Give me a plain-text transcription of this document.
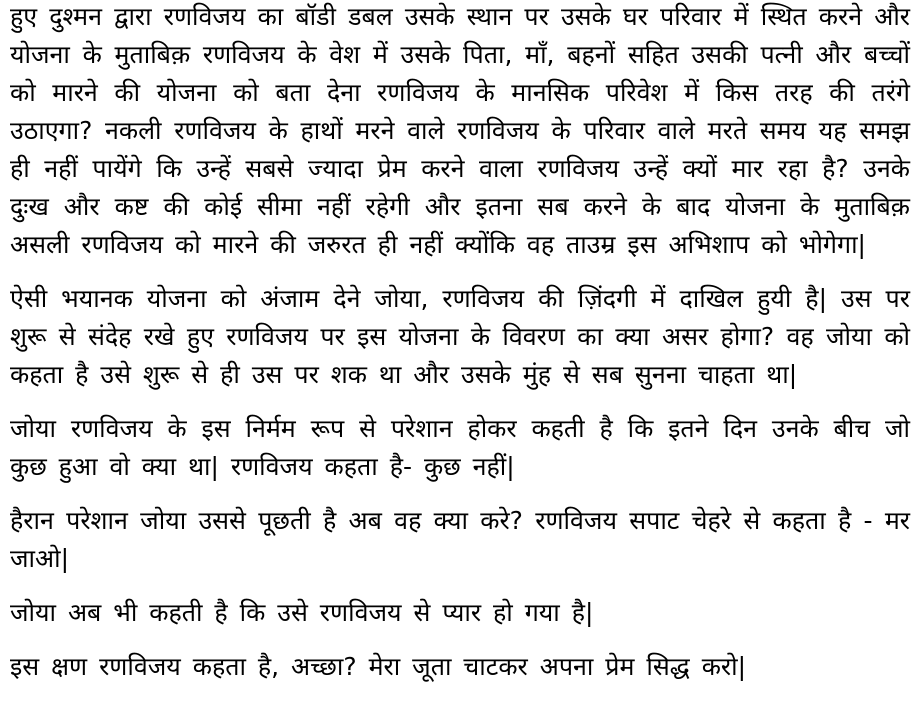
हुए दुश्मन द्वारा रणविजय का बॉडी डबल उसके स्थान पर उसके घर परिवार में स्थित करने और योजना के मुताबिक़ रणविजय के वेश में उसके पिता, माँ, बहनों सहित उसकी पत्नी और बच्चों को मारने की योजना को बता देना रणविजय के मानसिक परिवेश में किस तरह की तरंगे उठाएगा? नकली रणविजय के हाथों मरने वाले रणविजय के परिवार वाले मरते समय यह समझ ही नहीं पायेंगे कि उन्हें सबसे ज्यादा प्रेम करने वाला रणविजय उन्हें क्यों मार रहा है? उनके दुःख और कष्ट की कोई सीमा नहीं रहेगी और इतना सब करने के बाद योजना के मुताबिक़ असली रणविजय को मारने की जरुरत ही नहीं क्योंकि वह ताउम्र इस अभिशाप को भोगेगा|

ऐसी भयानक योजना को अंजाम देने जोया, रणविजय की ज़िंदगी में दाखिल हुयी है| उस पर शुरू से संदेह रखे हुए रणविजय पर इस योजना के विवरण का क्या असर होगा? वह जोया को कहता है उसे शुरू से ही उस पर शक था और उसके मुंह से सब सुनना चाहता था|

जोया रणविजय के इस निर्मम रूप से परेशान होकर कहती है कि इतने दिन उनके बीच जो कुछ हुआ वो क्या था| रणविजय कहता है- कुछ नहीं|

हैरान परेशान जोया उससे पूछती है अब वह क्या करे? रणविजय सपाट चेहरे से कहता है - मर जाओ|

जोया अब भी कहती है कि उसे रणविजय से प्यार हो गया है|

इस क्षण रणविजय कहता है, अच्छा? मेरा जूता चाटकर अपना प्रेम सिद्ध करो|
